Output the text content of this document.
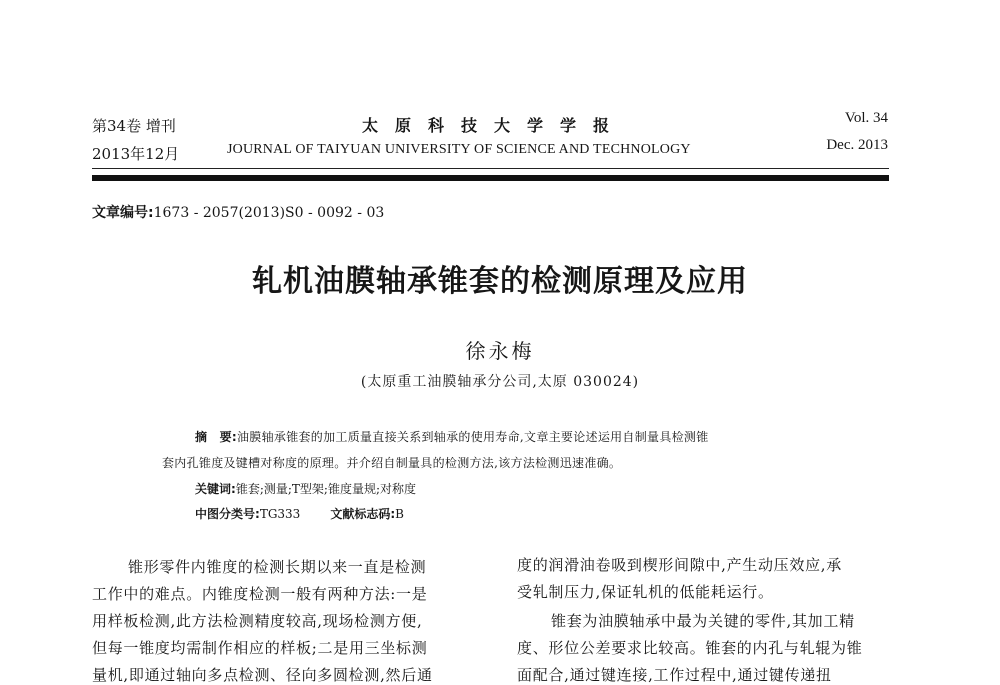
第34卷 增刊
2013年12月
太原科技大学学报
JOURNAL OF TAIYUAN UNIVERSITY OF SCIENCE AND TECHNOLOGY
Vol. 34
Dec. 2013
文章编号:1673 - 2057(2013)S0 - 0092 - 03
轧机油膜轴承锥套的检测原理及应用
徐永梅
(太原重工油膜轴承分公司,太原 030024)
摘　要:油膜轴承锥套的加工质量直接关系到轴承的使用寿命,文章主要论述运用自制量具检测锥
套内孔锥度及键槽对称度的原理。并介绍自制量具的检测方法,该方法检测迅速准确。
关键词:锥套;测量;T型架;锥度量规;对称度
中图分类号:TG333	文献标志码:B
锥形零件内锥度的检测长期以来一直是检测
工作中的难点。内锥度检测一般有两种方法:一是
用样板检测,此方法检测精度较高,现场检测方便,
但每一锥度均需制作相应的样板;二是用三坐标测
量机,即通过轴向多点检测、径向多圆检测,然后通
度的润滑油卷吸到楔形间隙中,产生动压效应,承
受轧制压力,保证轧机的低能耗运行。
锥套为油膜轴承中最为关键的零件,其加工精
度、形位公差要求比较高。锥套的内孔与轧辊为锥
面配合,通过键连接,工作过程中,通过键传递扭
